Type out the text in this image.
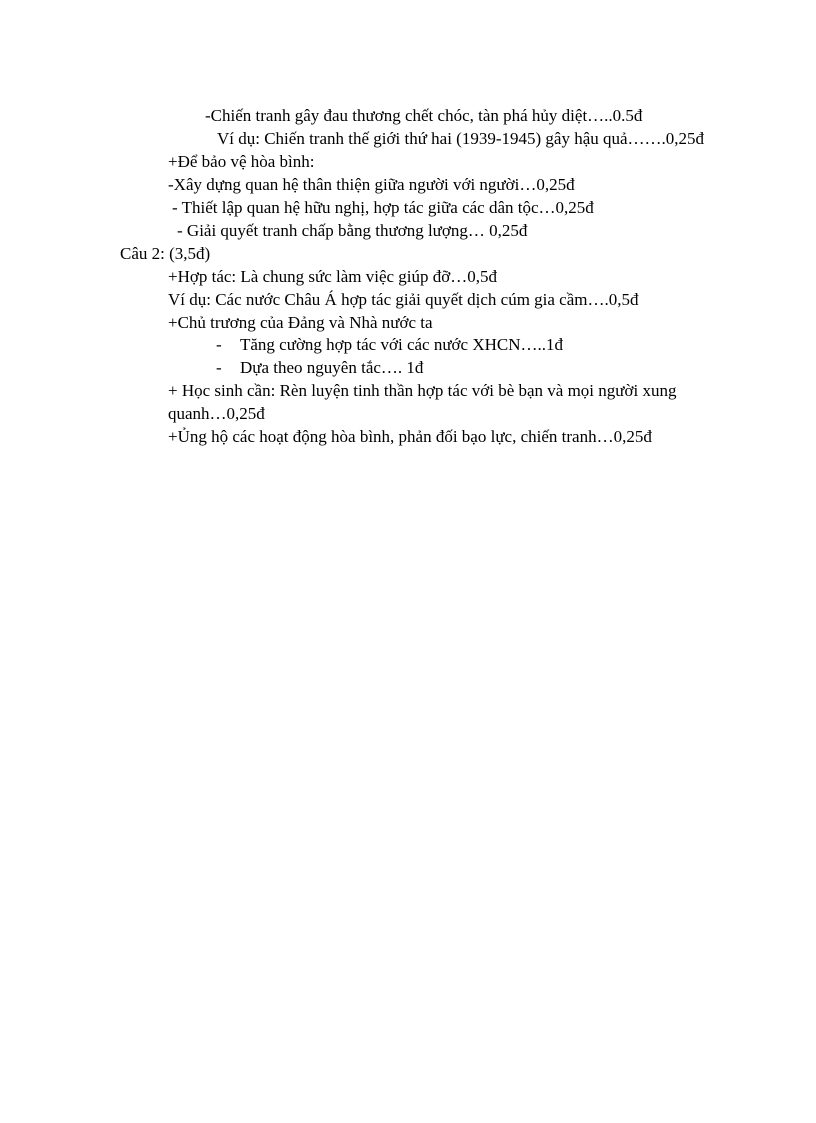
-Chiến tranh gây đau thương chết chóc, tàn phá hủy diệt…..0.5đ
Ví dụ: Chiến tranh thế giới thứ hai (1939-1945) gây hậu quả…….0,25đ
+Để bảo vệ hòa bình:
-Xây dựng quan hệ thân thiện giữa người với người…0,25đ
- Thiết lập quan hệ hữu nghị, hợp tác giữa các dân tộc…0,25đ
- Giải quyết tranh chấp bằng thương lượng… 0,25đ
Câu 2: (3,5đ)
+Hợp tác: Là chung sức làm việc giúp đỡ…0,5đ
Ví dụ: Các nước Châu Á hợp tác giải quyết dịch cúm gia cầm….0,5đ
+Chủ trương của Đảng và Nhà nước ta
- Tăng cường hợp tác với các nước XHCN…..1đ
- Dựa theo nguyên tắc…. 1đ
+ Học sinh cần: Rèn luyện tinh thần hợp tác với bè bạn và mọi người xung
quanh…0,25đ
+Ủng hộ các hoạt động hòa bình, phản đối bạo lực, chiến tranh…0,25đ
